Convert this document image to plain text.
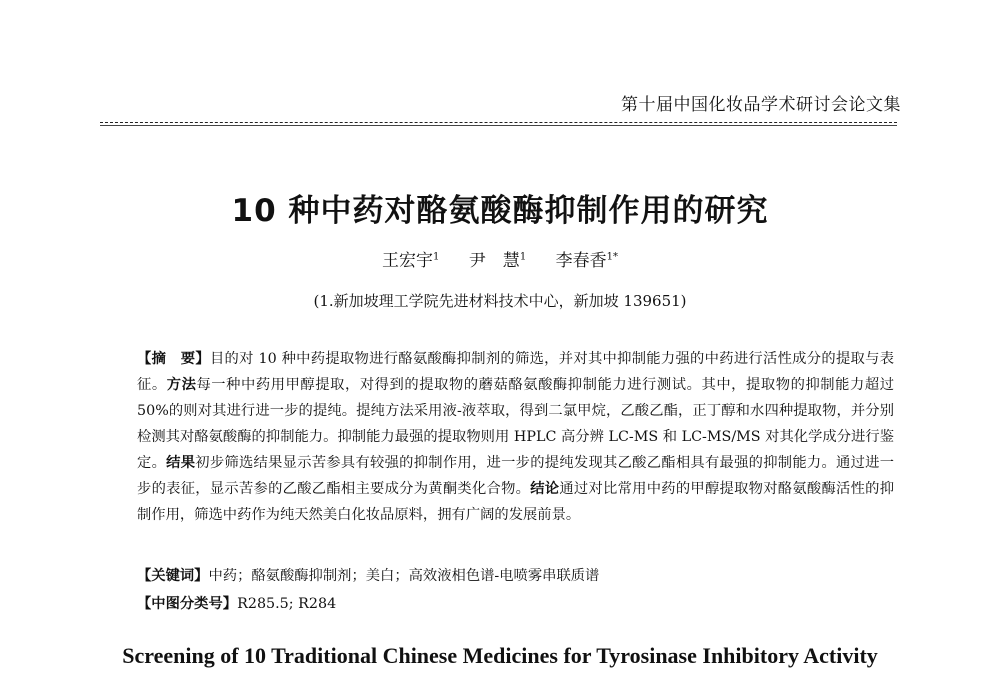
第十届中国化妆品学术研讨会论文集
10 种中药对酪氨酸酶抑制作用的研究
王宏宇$^1$ 尹　慧$^1$ 李春香$^{1*}$
(1.新加坡理工学院先进材料技术中心，新加坡 139651)
【摘　要】目的对 10 种中药提取物进行酪氨酸酶抑制剂的筛选，并对其中抑制能力强的中药进行活性成分的提取与表征。方法每一种中药用甲醇提取，对得到的提取物的蘑菇酪氨酸酶抑制能力进行测试。其中，提取物的抑制能力超过 50%的则对其进行进一步的提纯。提纯方法采用液-液萃取，得到二氯甲烷，乙酸乙酯，正丁醇和水四种提取物，并分别检测其对酪氨酸酶的抑制能力。抑制能力最强的提取物则用 HPLC 高分辨 LC-MS 和 LC-MS/MS 对其化学成分进行鉴定。结果初步筛选结果显示苦参具有较强的抑制作用，进一步的提纯发现其乙酸乙酯相具有最强的抑制能力。通过进一步的表征，显示苦参的乙酸乙酯相主要成分为黄酮类化合物。结论通过对比常用中药的甲醇提取物对酪氨酸酶活性的抑制作用，筛选中药作为纯天然美白化妆品原料，拥有广阔的发展前景。
【关键词】中药；酪氨酸酶抑制剂；美白；高效液相色谱-电喷雾串联质谱
【中图分类号】R285.5; R284
Screening of 10 Traditional Chinese Medicines for Tyrosinase Inhibitory Activity
